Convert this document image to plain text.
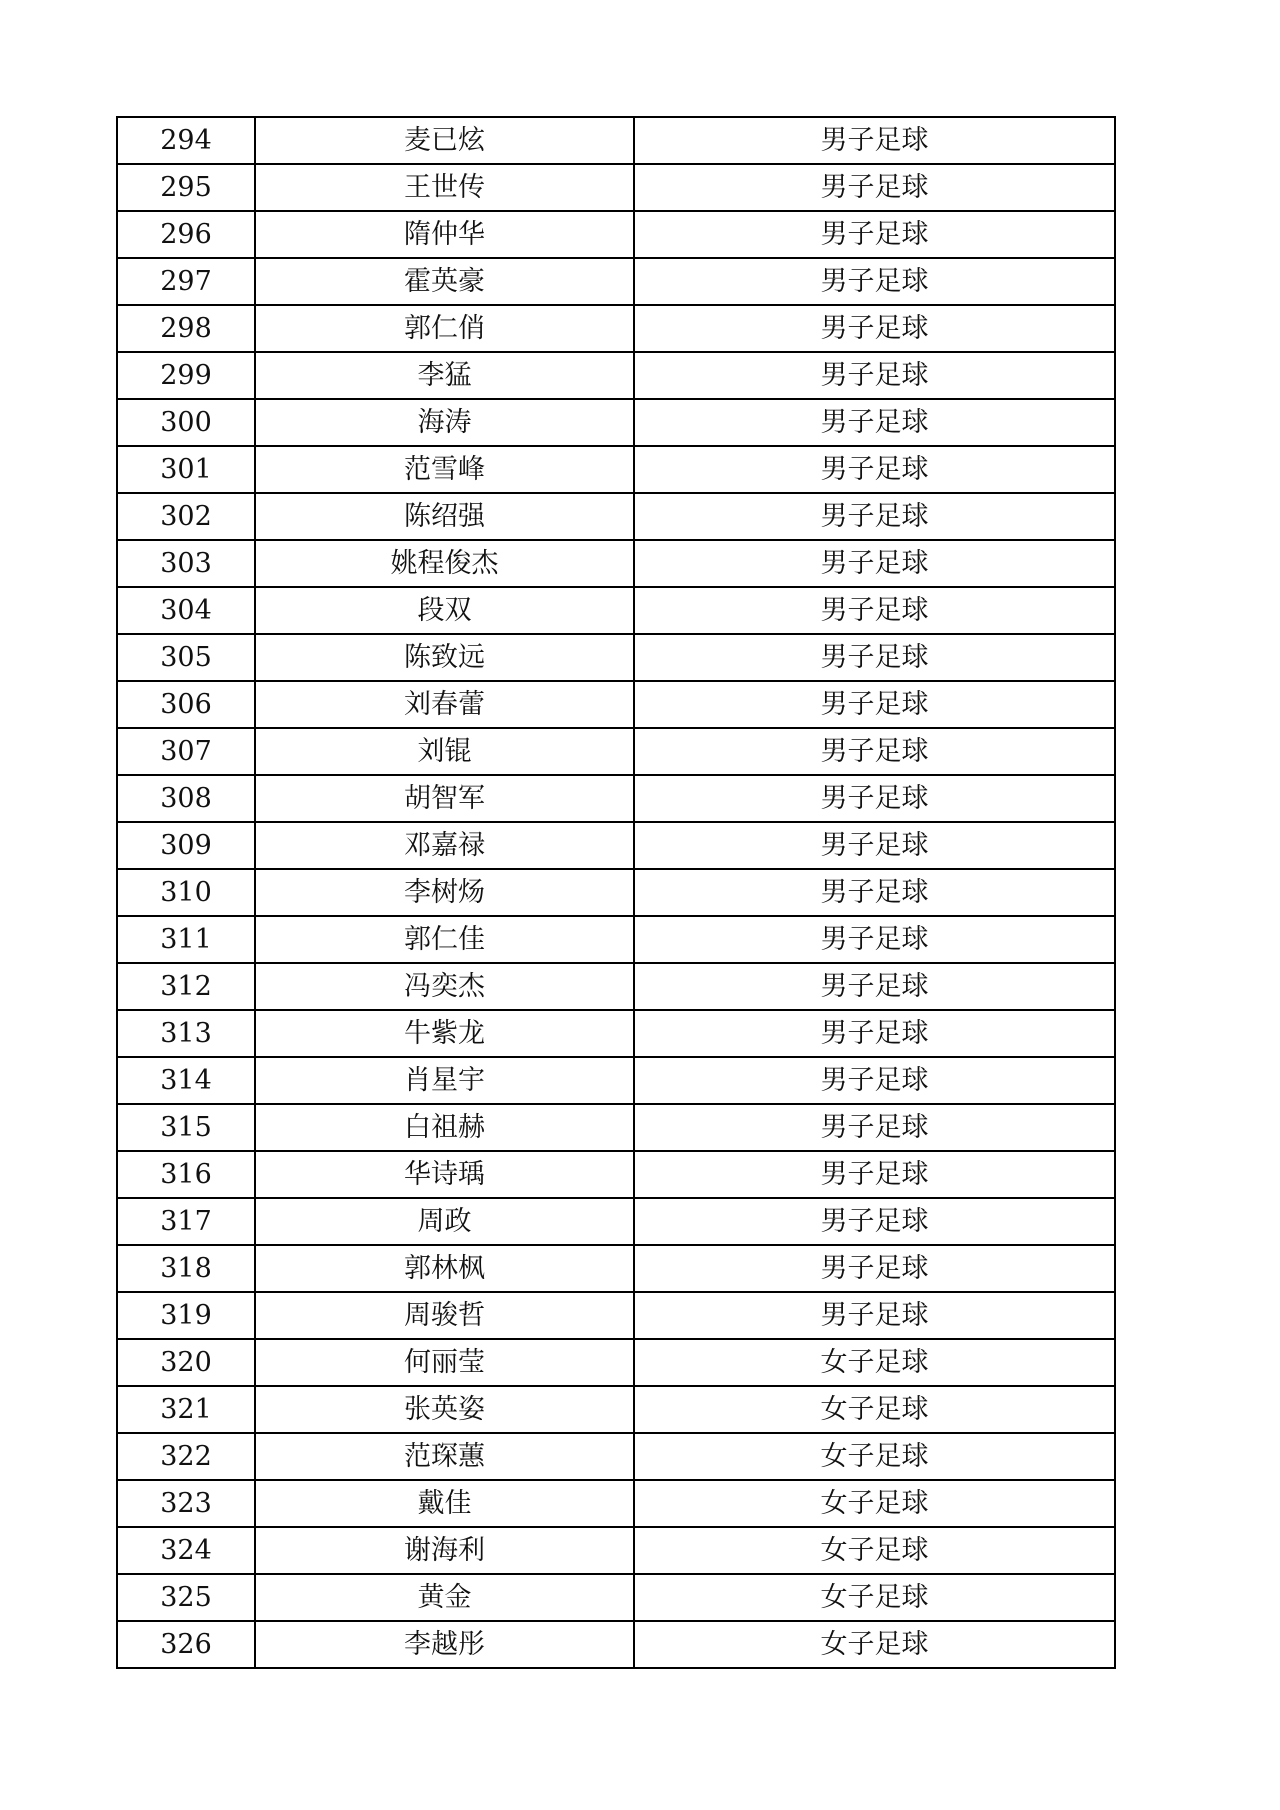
294	麦已炫	男子足球
295	王世传	男子足球
296	隋仲华	男子足球
297	霍英豪	男子足球
298	郭仁俏	男子足球
299	李猛	男子足球
300	海涛	男子足球
301	范雪峰	男子足球
302	陈绍强	男子足球
303	姚程俊杰	男子足球
304	段双	男子足球
305	陈致远	男子足球
306	刘春蕾	男子足球
307	刘锟	男子足球
308	胡智军	男子足球
309	邓嘉禄	男子足球
310	李树炀	男子足球
311	郭仁佳	男子足球
312	冯奕杰	男子足球
313	牛紫龙	男子足球
314	肖星宇	男子足球
315	白祖赫	男子足球
316	华诗瑀	男子足球
317	周政	男子足球
318	郭林枫	男子足球
319	周骏哲	男子足球
320	何丽莹	女子足球
321	张英姿	女子足球
322	范琛蕙	女子足球
323	戴佳	女子足球
324	谢海利	女子足球
325	黄金	女子足球
326	李越彤	女子足球
